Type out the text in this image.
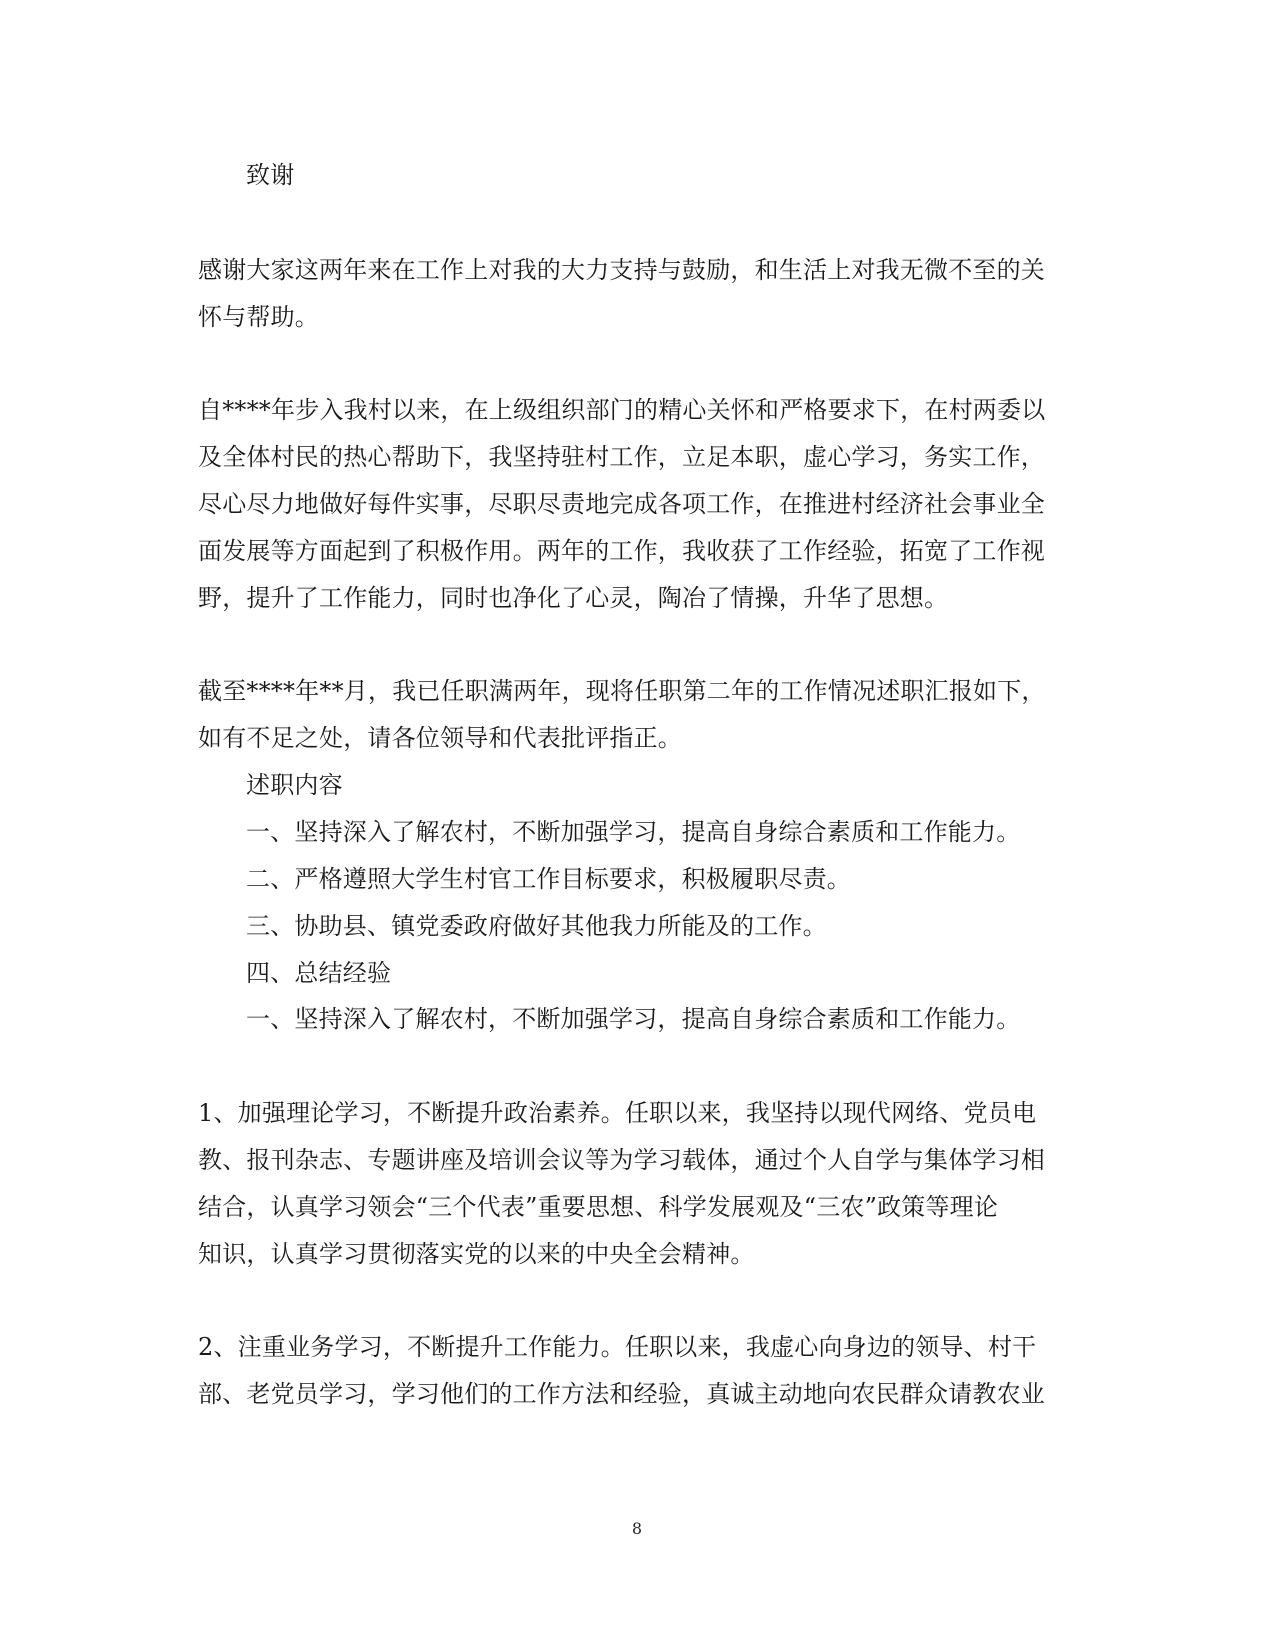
致谢
感谢大家这两年来在工作上对我的大力支持与鼓励，和生活上对我无微不至的关
怀与帮助。
自****年步入我村以来，在上级组织部门的精心关怀和严格要求下，在村两委以
及全体村民的热心帮助下，我坚持驻村工作，立足本职，虚心学习，务实工作，
尽心尽力地做好每件实事，尽职尽责地完成各项工作，在推进村经济社会事业全
面发展等方面起到了积极作用。两年的工作，我收获了工作经验，拓宽了工作视
野，提升了工作能力，同时也净化了心灵，陶冶了情操，升华了思想。
截至****年**月，我已任职满两年，现将任职第二年的工作情况述职汇报如下，
如有不足之处，请各位领导和代表批评指正。
述职内容
一、坚持深入了解农村，不断加强学习，提高自身综合素质和工作能力。
二、严格遵照大学生村官工作目标要求，积极履职尽责。
三、协助县、镇党委政府做好其他我力所能及的工作。
四、总结经验
一、坚持深入了解农村，不断加强学习，提高自身综合素质和工作能力。
1、加强理论学习，不断提升政治素养。任职以来，我坚持以现代网络、党员电
教、报刊杂志、专题讲座及培训会议等为学习载体，通过个人自学与集体学习相
结合，认真学习领会“三个代表”重要思想、科学发展观及“三农”政策等理论
知识，认真学习贯彻落实党的以来的中央全会精神。
2、注重业务学习，不断提升工作能力。任职以来，我虚心向身边的领导、村干
部、老党员学习，学习他们的工作方法和经验，真诚主动地向农民群众请教农业
8
